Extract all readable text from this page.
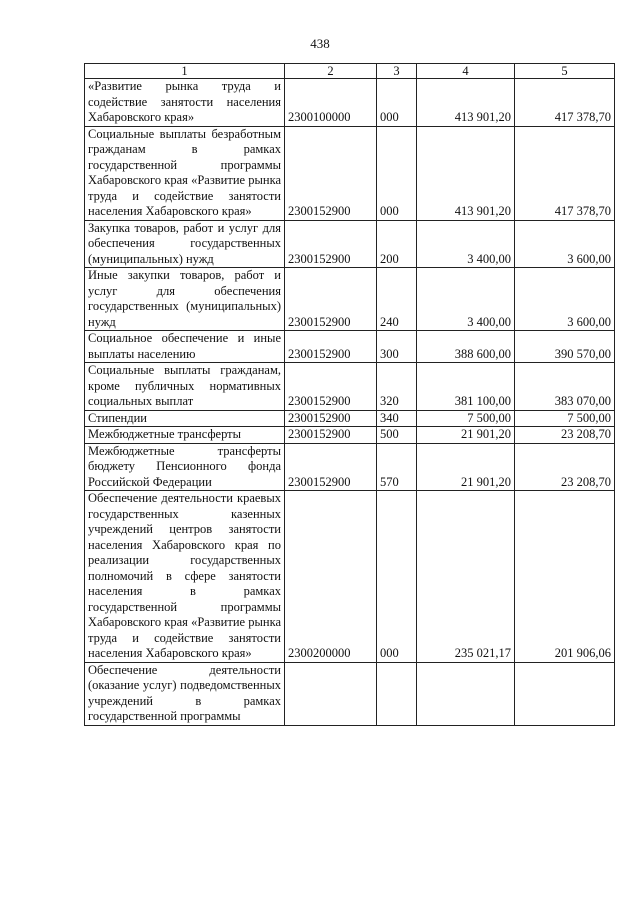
438
1	2	3	4	5
«Развитие рынка труда и содействие занятости населения Хабаровского края»	2300100000	000	413 901,20	417 378,70
Социальные выплаты безработным гражданам в рамках государственной программы Хабаровского края «Развитие рынка труда и содействие занятости населения Хабаровского края»	2300152900	000	413 901,20	417 378,70
Закупка товаров, работ и услуг для обеспечения государственных (муниципальных) нужд	2300152900	200	3 400,00	3 600,00
Иные закупки товаров, работ и услуг для обеспечения государственных (муниципальных) нужд	2300152900	240	3 400,00	3 600,00
Социальное обеспечение и иные выплаты населению	2300152900	300	388 600,00	390 570,00
Социальные выплаты гражданам, кроме публичных нормативных социальных выплат	2300152900	320	381 100,00	383 070,00
Стипендии	2300152900	340	7 500,00	7 500,00
Межбюджетные трансферты	2300152900	500	21 901,20	23 208,70
Межбюджетные трансферты бюджету Пенсионного фонда Российской Федерации	2300152900	570	21 901,20	23 208,70
Обеспечение деятельности краевых государственных казенных учреждений центров занятости населения Хабаровского края по реализации государственных полномочий в сфере занятости населения в рамках государственной программы Хабаровского края «Развитие рынка труда и содействие занятости населения Хабаровского края»	2300200000	000	235 021,17	201 906,06
Обеспечение деятельности (оказание услуг) подведомственных учреждений в рамках государственной программы				
